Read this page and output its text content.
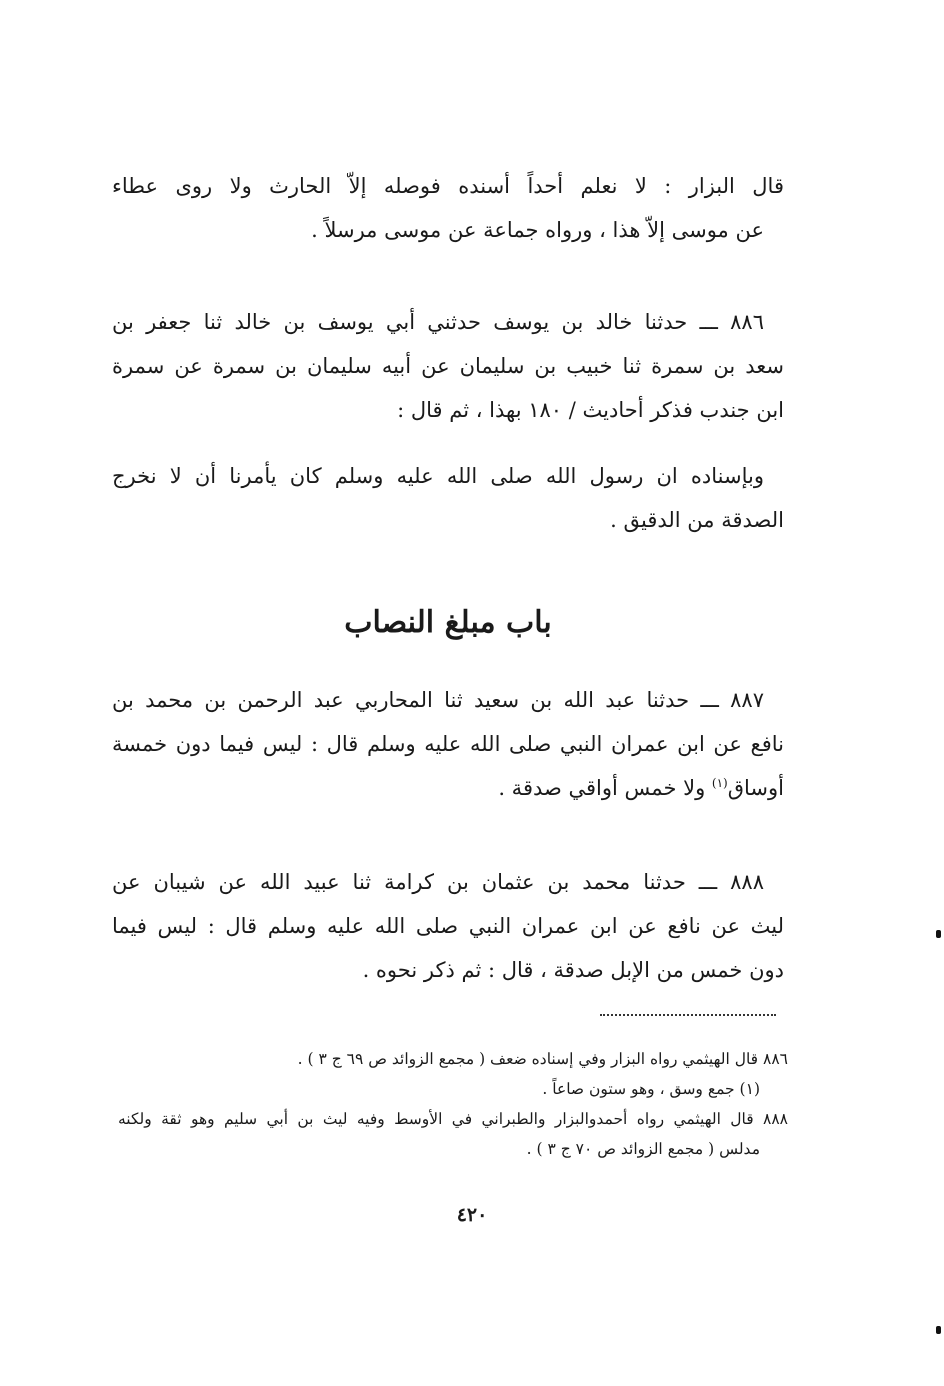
قال البزار : لا نعلم أحداً أسنده فوصله إلاّ الحارث ولا روى عطاء
عن موسى إلاّ هذا ، ورواه جماعة عن موسى مرسلاً .
٨٨٦ ـــ حدثنا خالد بن يوسف حدثني أبي يوسف بن خالد ثنا جعفر بن
سعد بن سمرة ثنا خبيب بن سليمان عن أبيه سليمان بن سمرة عن سمرة
ابن جندب فذكر أحاديث / ١٨٠ بهذا ، ثم قال :
وبإسناده ان رسول الله صلى الله عليه وسلم كان يأمرنا أن لا نخرج
الصدقة من الدقيق .
باب مبلغ النصاب
٨٨٧ ـــ حدثنا عبد الله بن سعيد ثنا المحاربي عبد الرحمن بن محمد بن
نافع عن ابن عمران النبي صلى الله عليه وسلم قال : ليس فيما دون خمسة
أوساق$^{(١)}$ ولا خمس أواقي صدقة .
٨٨٨ ـــ حدثنا محمد بن عثمان بن كرامة ثنا عبيد الله عن شيبان عن
ليث عن نافع عن ابن عمران النبي صلى الله عليه وسلم قال : ليس فيما
دون خمس من الإبل صدقة ، قال : ثم ذكر نحوه .
٨٨٦ قال الهيثمي رواه البزار وفي إسناده ضعف ( مجمع الزوائد ص ٦٩ ج ٣ ) .
(١) جمع وسق ، وهو ستون صاعاً .
٨٨٨ قال الهيثمي رواه أحمدوالبزار والطبراني في الأوسط وفيه ليث بن أبي سليم وهو ثقة ولكنه
مدلس ( مجمع الزوائد ص ٧٠ ج ٣ ) .
٤٢٠
